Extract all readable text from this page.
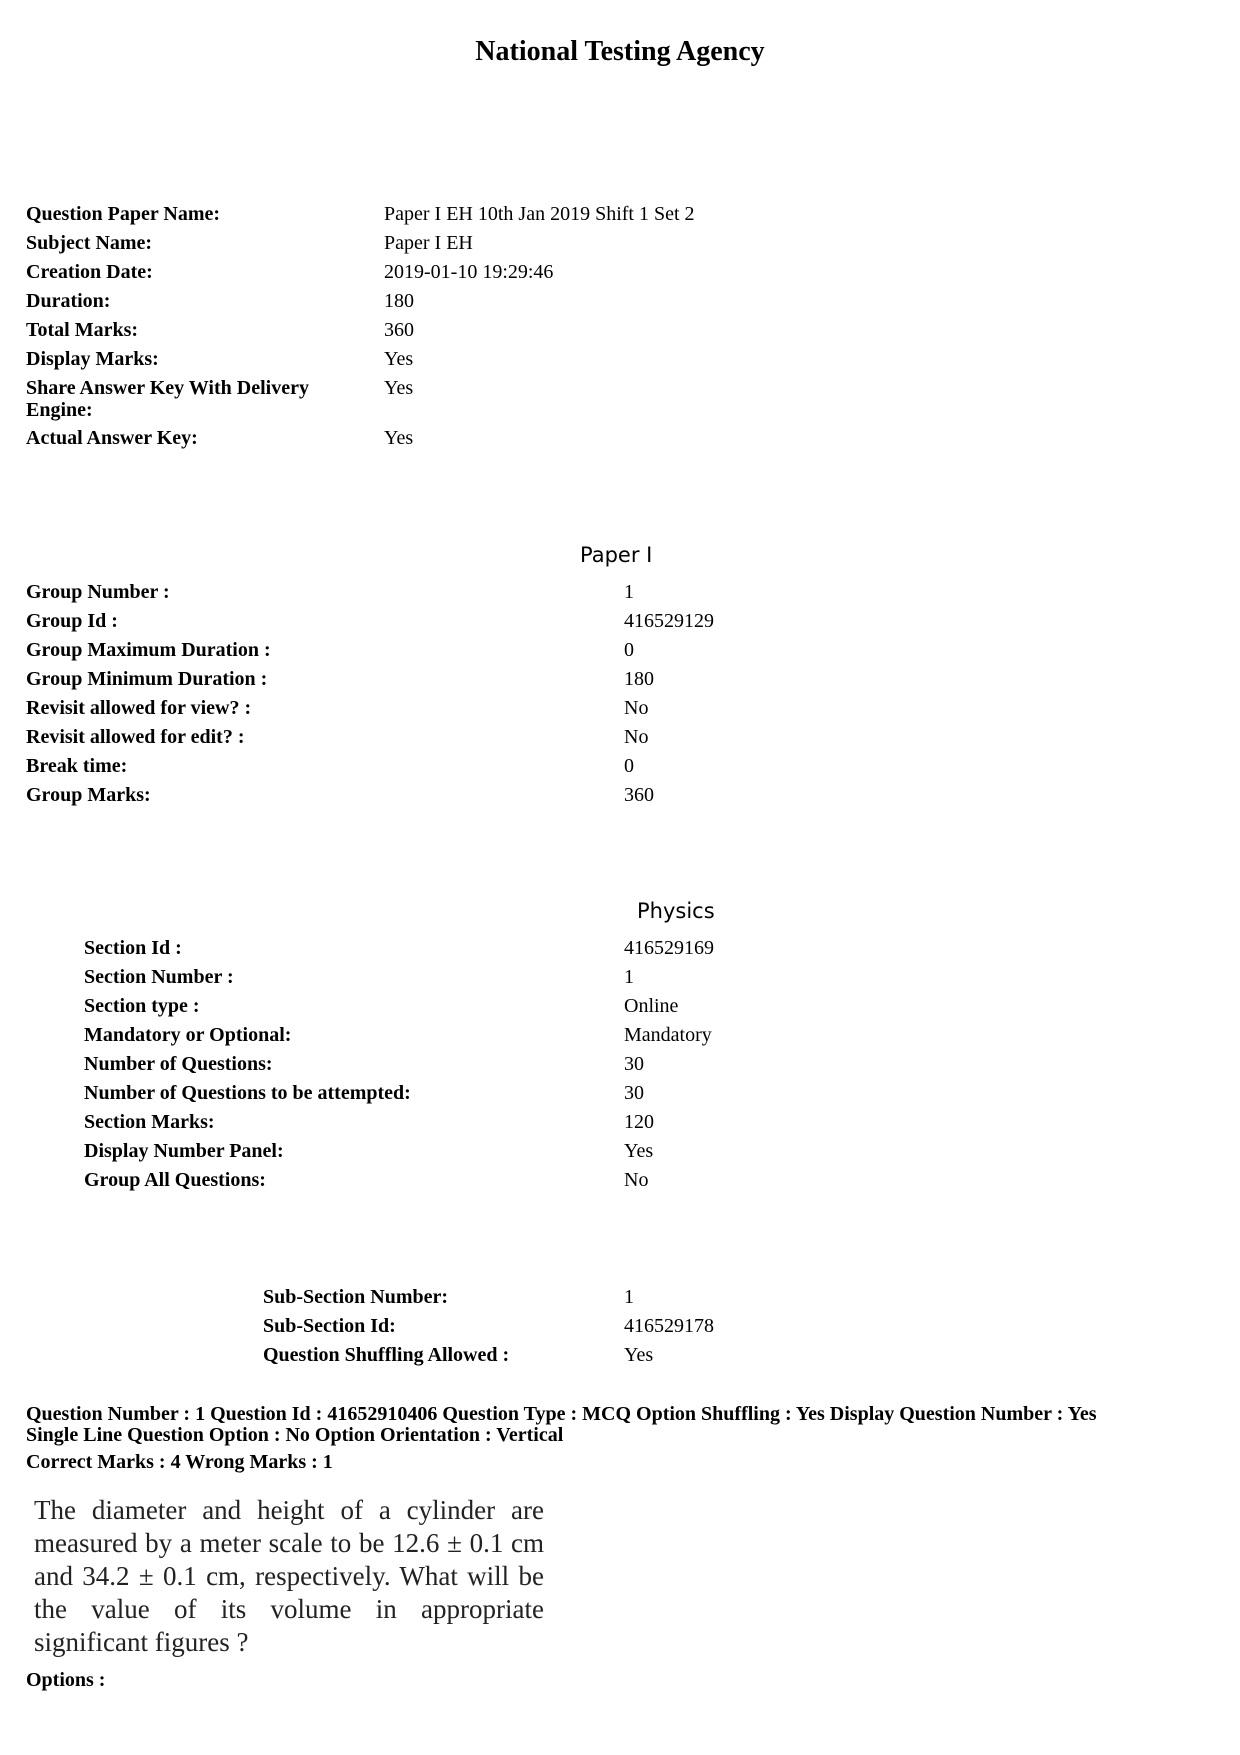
National Testing Agency
Question Paper Name:	Paper I EH 10th Jan 2019 Shift 1 Set 2
Subject Name:	Paper I EH
Creation Date:	2019-01-10 19:29:46
Duration:	180
Total Marks:	360
Display Marks:	Yes
Share Answer Key With Delivery Engine:
Yes
Actual Answer Key:	Yes
Paper I
Group Number :	1
Group Id :	416529129
Group Maximum Duration :	0
Group Minimum Duration :	180
Revisit allowed for view? :	No
Revisit allowed for edit? :	No
Break time:	0
Group Marks:	360
Physics
Section Id :	416529169
Section Number :	1
Section type :	Online
Mandatory or Optional:	Mandatory
Number of Questions:	30
Number of Questions to be attempted:	30
Section Marks:	120
Display Number Panel:	Yes
Group All Questions:	No
Sub-Section Number:	1
Sub-Section Id:	416529178
Question Shuffling Allowed :	Yes
Question Number : 1 Question Id : 41652910406 Question Type : MCQ Option Shuffling : Yes Display Question Number : Yes
Single Line Question Option : No Option Orientation : Vertical
Correct Marks : 4 Wrong Marks : 1
The diameter and height of a cylinder are measured by a meter scale to be 12.6 ± 0.1 cm and 34.2 ± 0.1 cm, respectively. What will be the value of its volume in appropriate significant figures ?
Options :
